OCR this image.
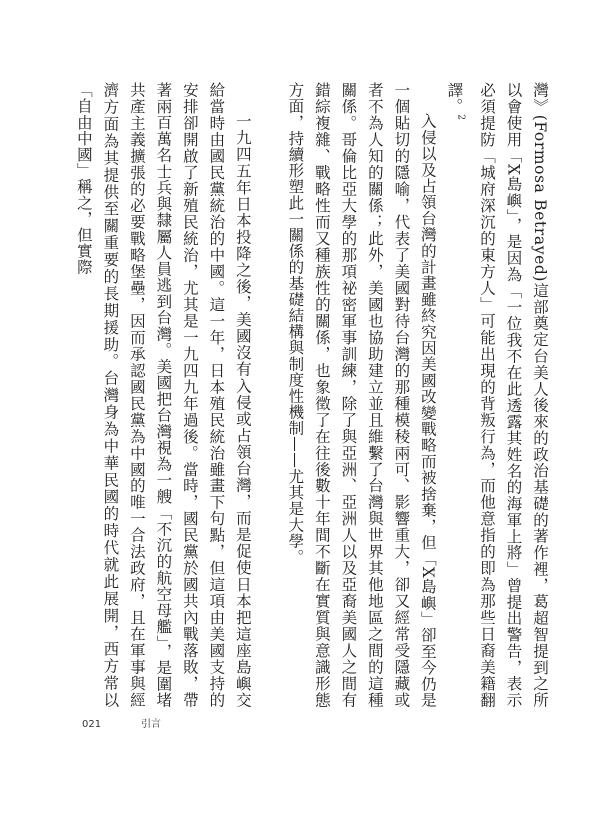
灣》(Formosa Betrayed)這部奠定台美人後來的政治基礎的著作裡，葛超智提到之所以會使用「X島嶼」，是因為「一位我不在此透露其姓名的海軍上將」曾提出警告，表示必須提防「城府深沉的東方人」可能出現的背叛行為，而他意指的即為那些日裔美籍翻譯。$^2$

入侵以及占領台灣的計畫雖終究因美國改變戰略而被捨棄，但「X島嶼」卻至今仍是一個貼切的隱喻，代表了美國對待台灣的那種模稜兩可、影響重大，卻又經常受隱藏或者不為人知的關係；此外，美國也協助建立並且維繫了台灣與世界其他地區之間的這種關係。哥倫比亞大學的那項祕密軍事訓練，除了與亞洲、亞洲人以及亞裔美國人之間有錯綜複雜、戰略性而又種族性的關係，也象徵了在往後數十年間不斷在實質與意識形態方面，持續形塑此一關係的基礎結構與制度性機制——尤其是大學。

一九四五年日本投降之後，美國沒有入侵或占領台灣，而是促使日本把這座島嶼交給當時由國民黨統治的中國。這一年，日本殖民統治雖畫下句點，但這項由美國支持的安排卻開啟了新殖民統治，尤其是一九四九年過後。當時，國民黨於國共內戰落敗，帶著兩百萬名士兵與隸屬人員逃到台灣。美國把台灣視為一艘「不沉的航空母艦」，是圍堵共產主義擴張的必要戰略堡壘，因而承認國民黨為中國的唯一合法政府，且在軍事與經濟方面為其提供至關重要的長期援助。台灣身為中華民國的時代就此展開，西方常以「自由中國」稱之，但實際

021	引言
